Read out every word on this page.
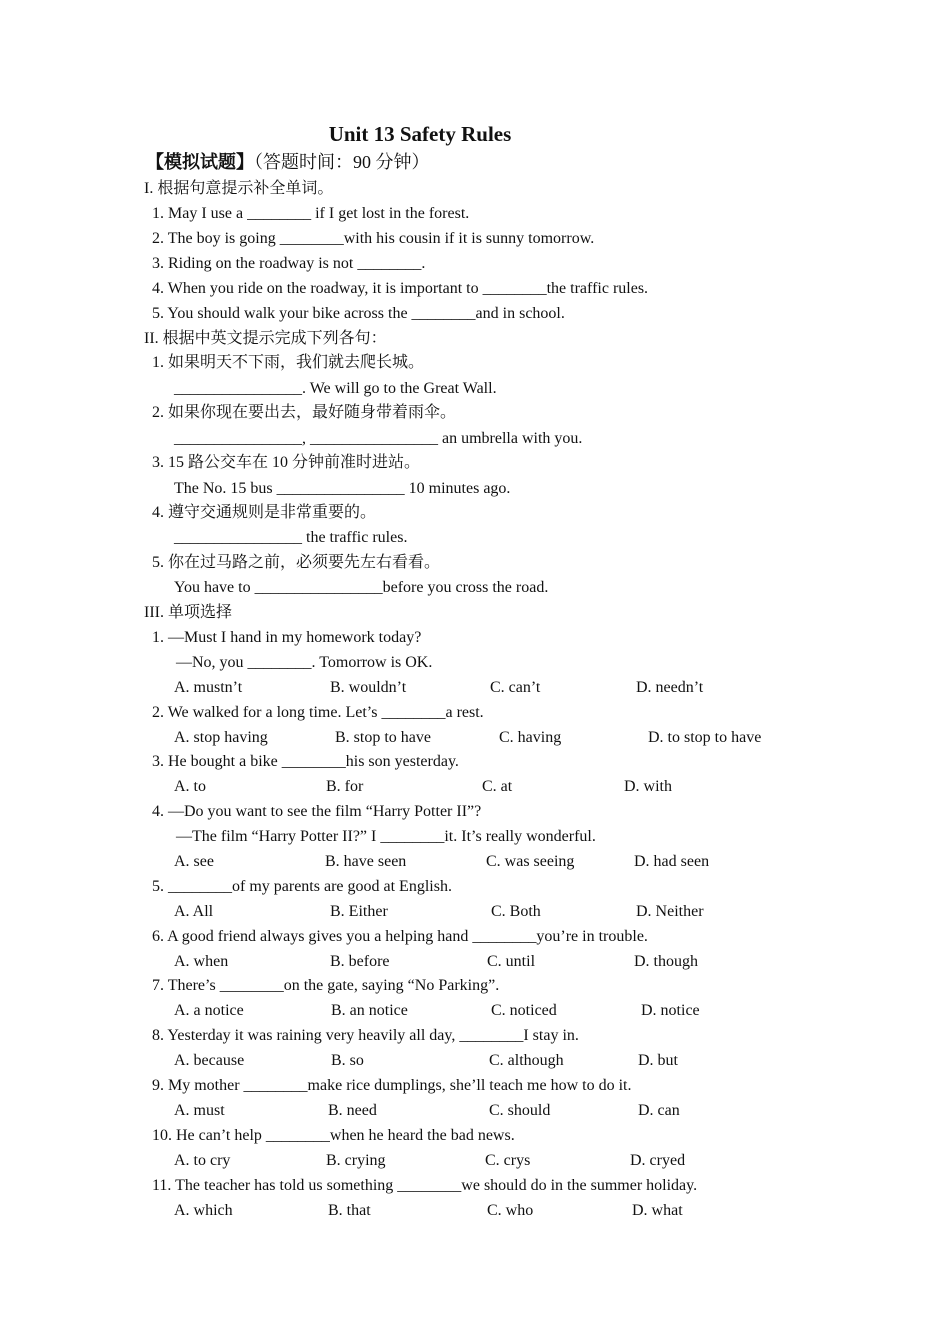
Unit 13 Safety Rules
【模拟试题】（答题时间：90 分钟）
I. 根据句意提示补全单词。
1. May I use a ________ if I get lost in the forest.
2. The boy is going ________with his cousin if it is sunny tomorrow.
3. Riding on the roadway is not ________.
4. When you ride on the roadway, it is important to ________the traffic rules.
5. You should walk your bike across the ________and in school.
II. 根据中英文提示完成下列各句：
1. 如果明天不下雨，我们就去爬长城。
________________. We will go to the Great Wall.
2. 如果你现在要出去，最好随身带着雨伞。
________________, ________________ an umbrella with you.
3. 15 路公交车在 10 分钟前准时进站。
The No. 15 bus ________________ 10 minutes ago.
4. 遵守交通规则是非常重要的。
________________ the traffic rules.
5. 你在过马路之前，必须要先左右看看。
You have to ________________before you cross the road.
III. 单项选择
1. —Must I hand in my homework today?
—No, you ________. Tomorrow is OK.
A. mustn’t	B. wouldn’t	C. can’t	D. needn’t
2. We walked for a long time. Let’s ________a rest.
A. stop having	B. stop to have	C. having	D. to stop to have
3. He bought a bike ________his son yesterday.
A. to	B. for	C. at	D. with
4. —Do you want to see the film “Harry Potter II”?
—The film “Harry Potter II?” I ________it. It’s really wonderful.
A. see	B. have seen	C. was seeing	D. had seen
5. ________of my parents are good at English.
A. All	B. Either	C. Both	D. Neither
6. A good friend always gives you a helping hand ________you’re in trouble.
A. when	B. before	C. until	D. though
7. There’s ________on the gate, saying “No Parking”.
A. a notice	B. an notice	C. noticed	D. notice
8. Yesterday it was raining very heavily all day, ________I stay in.
A. because	B. so	C. although	D. but
9. My mother ________make rice dumplings, she’ll teach me how to do it.
A. must	B. need	C. should	D. can
10. He can’t help ________when he heard the bad news.
A. to cry	B. crying	C. crys	D. cryed
11. The teacher has told us something ________we should do in the summer holiday.
A. which	B. that	C. who	D. what
